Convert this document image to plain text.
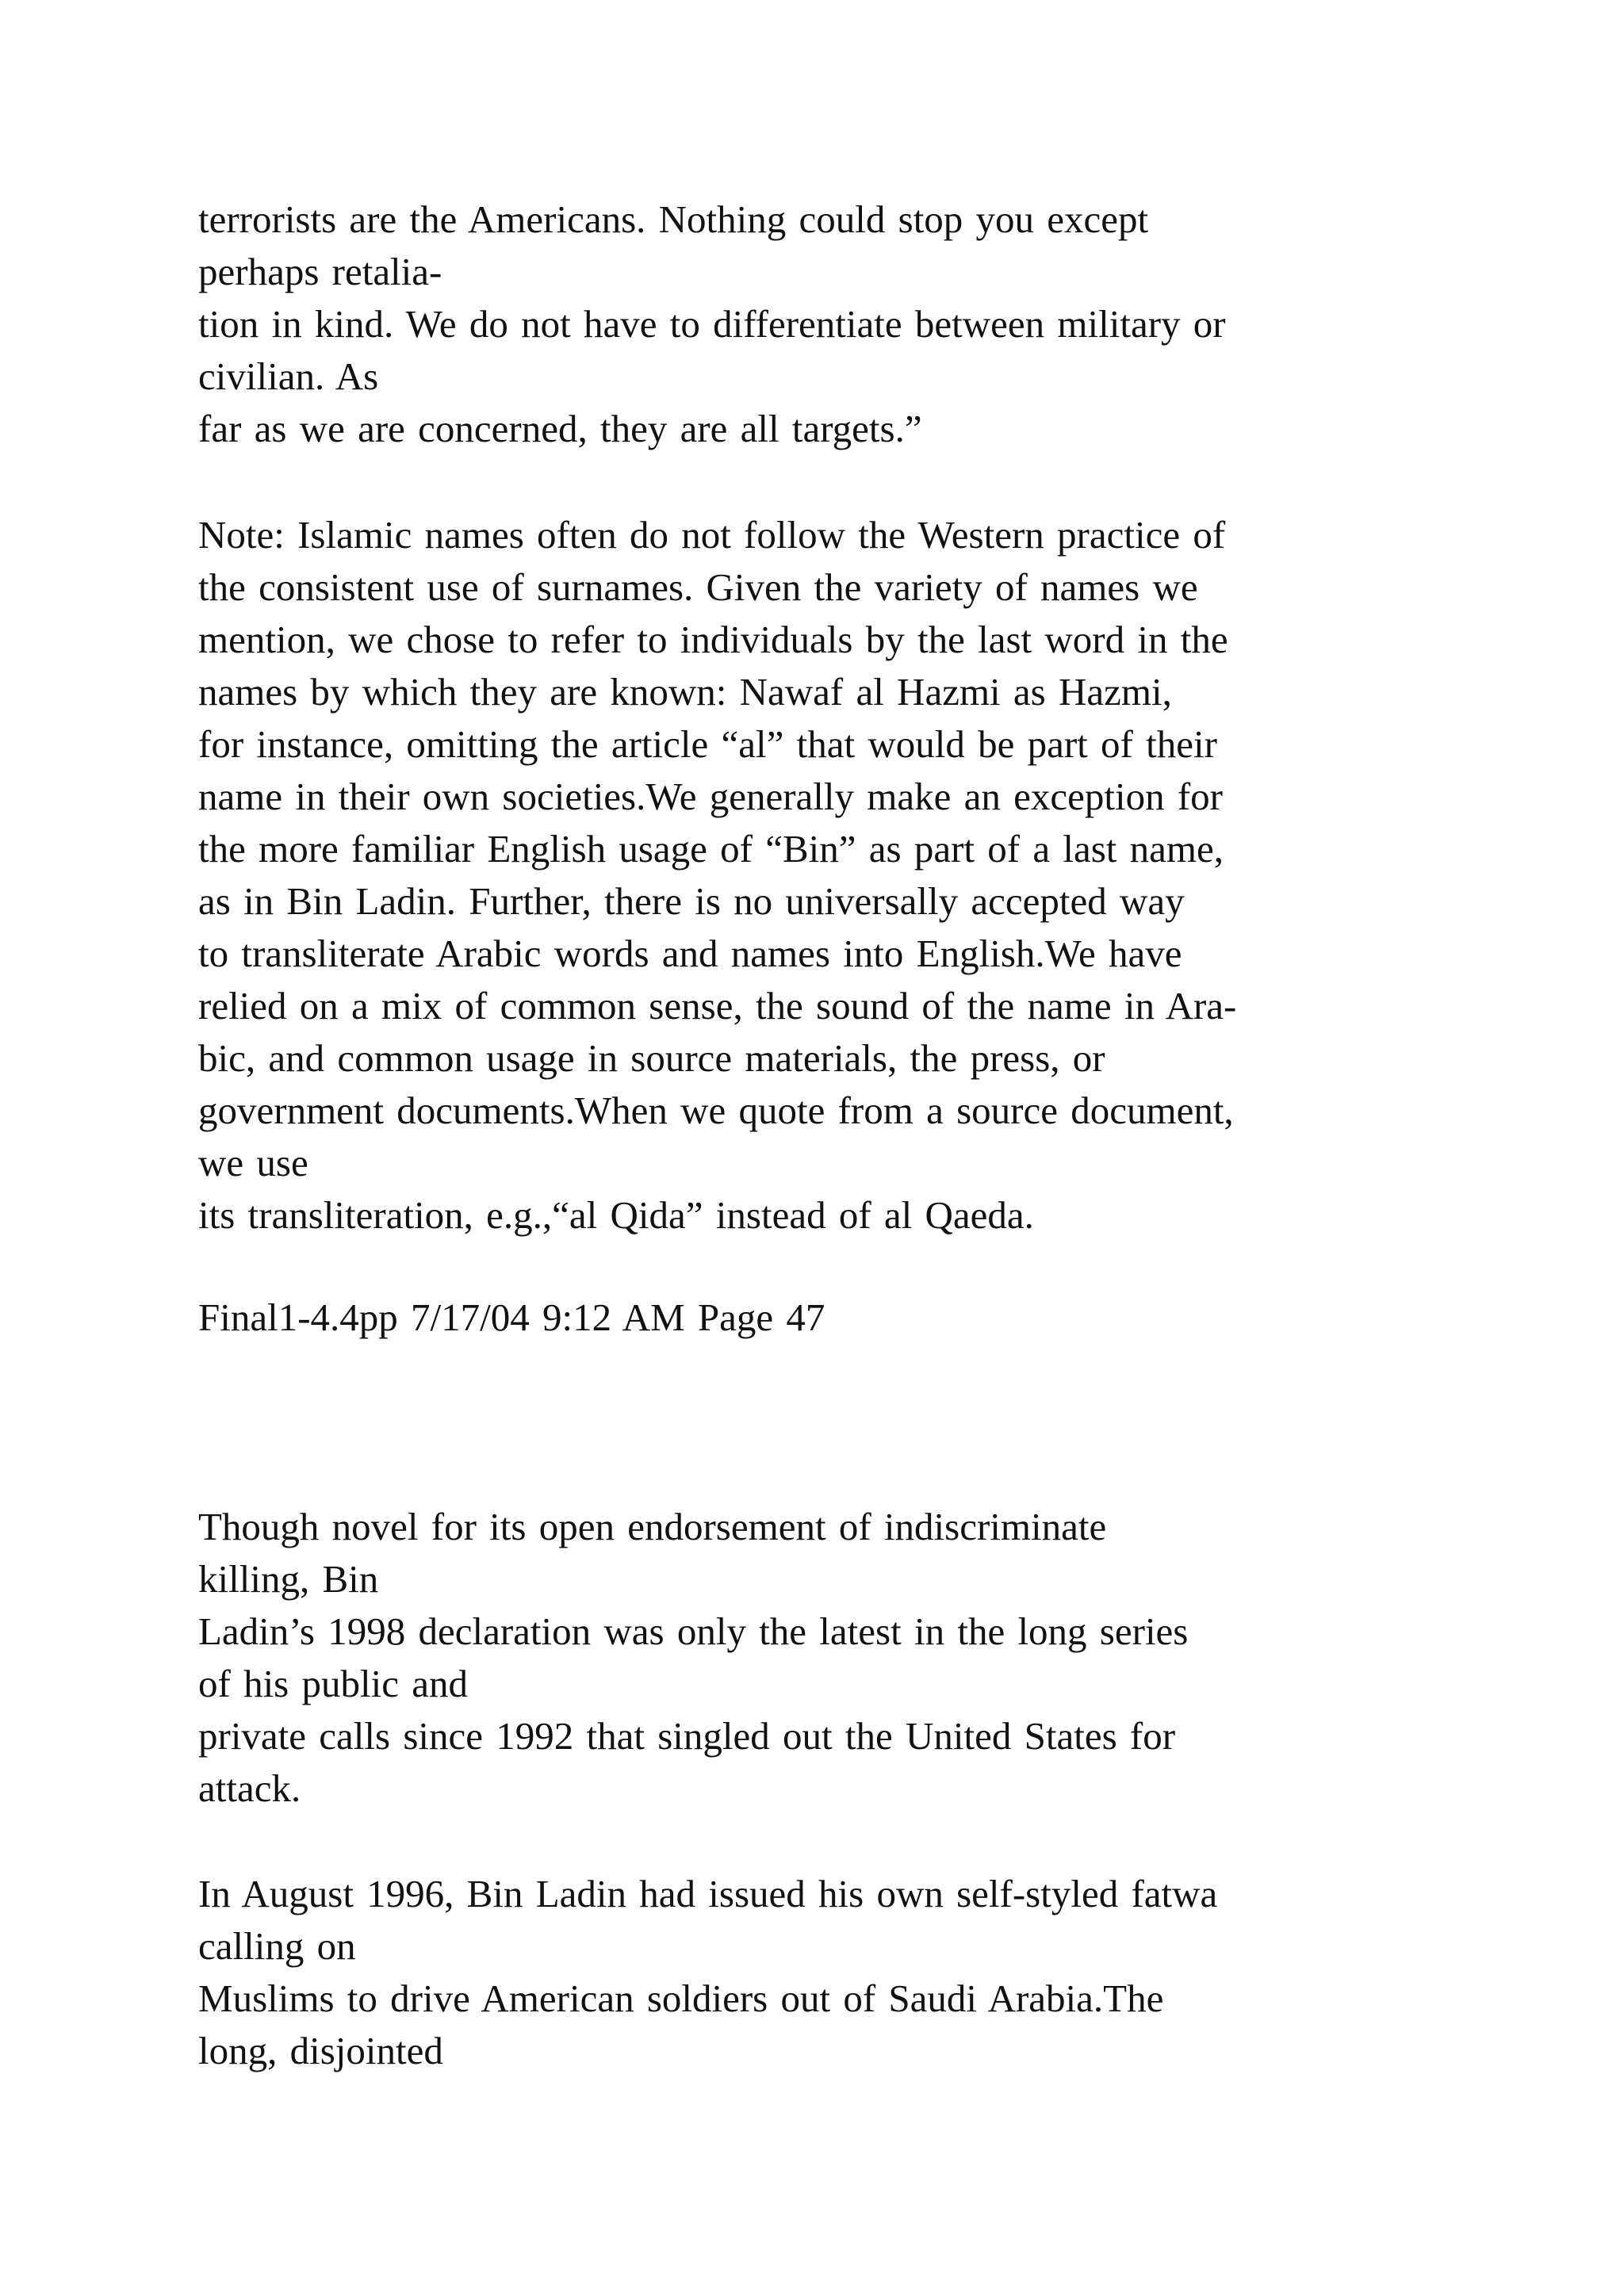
terrorists are the Americans. Nothing could stop you except
perhaps retalia-
tion in kind. We do not have to differentiate between military or
civilian. As
far as we are concerned, they are all targets.”
Note: Islamic names often do not follow the Western practice of
the consistent use of surnames. Given the variety of names we
mention, we chose to refer to individuals by the last word in the
names by which they are known: Nawaf al Hazmi as Hazmi,
for instance, omitting the article “al” that would be part of their
name in their own societies.We generally make an exception for
the more familiar English usage of “Bin” as part of a last name,
as in Bin Ladin. Further, there is no universally accepted way
to transliterate Arabic words and names into English.We have
relied on a mix of common sense, the sound of the name in Ara-
bic, and common usage in source materials, the press, or
government documents.When we quote from a source document,
we use
its transliteration, e.g.,“al Qida” instead of al Qaeda.
Final1-4.4pp 7/17/04 9:12 AM Page 47
Though novel for its open endorsement of indiscriminate
killing, Bin
Ladin’s 1998 declaration was only the latest in the long series
of his public and
private calls since 1992 that singled out the United States for
attack.
In August 1996, Bin Ladin had issued his own self-styled fatwa
calling on
Muslims to drive American soldiers out of Saudi Arabia.The
long, disjointed
